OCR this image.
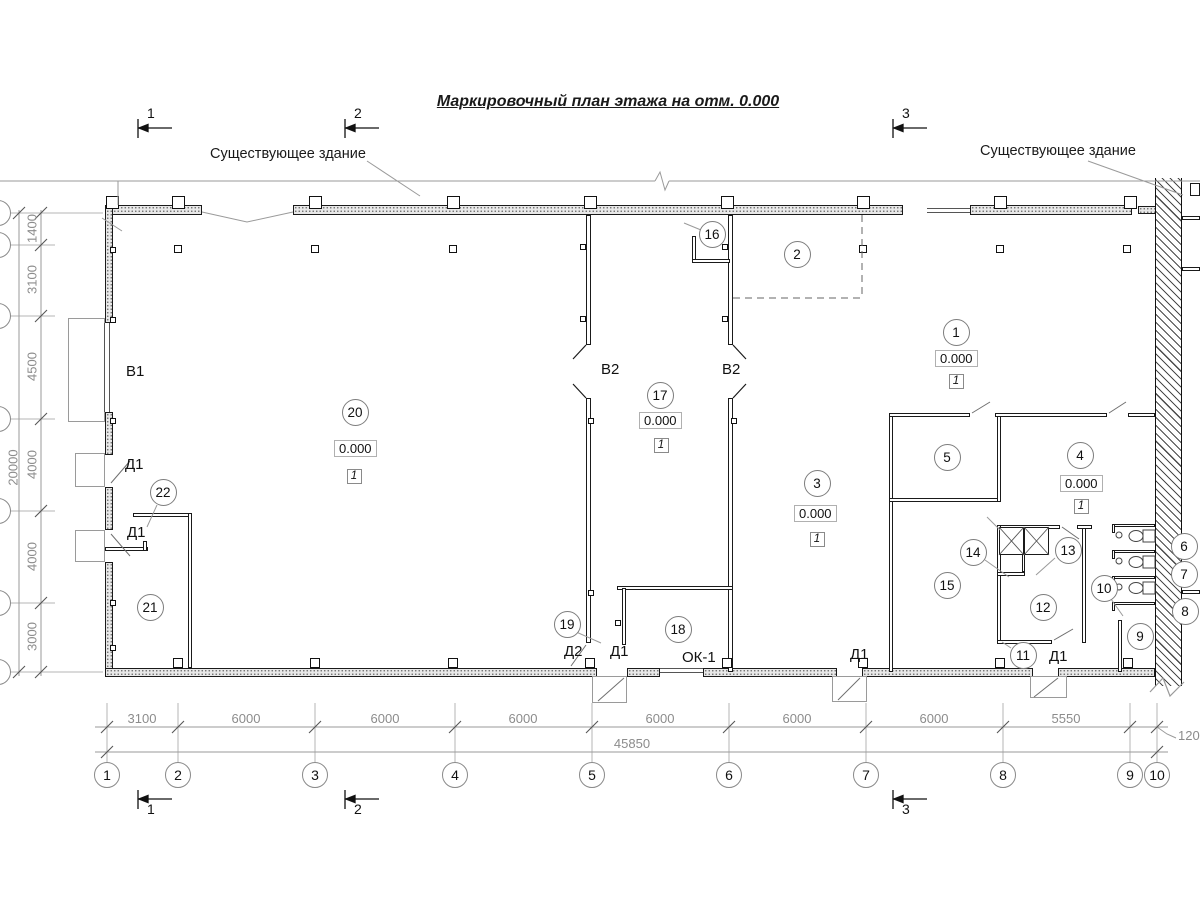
Маркировочный план этажа на отм. 0.000
Существующее здание	Существующее здание
1
2
3
4
5
6
7
8
9
10
11
12
13
14
15
16
17
18
19
20
21
22
0.000
0.000
0.000
0.000
0.000
1
1
1
1
1
В1
Д1
Д1
В2	В2
Д2 Д1	ОК-1	Д1	Д1
1	2	3	4	5	6	7	8	9	10
3100	6000	6000	6000	6000	6000	6000	5550
45850
120
1400
3100
4500
4000
4000
3000
20000
1	2	3
1	2	3
